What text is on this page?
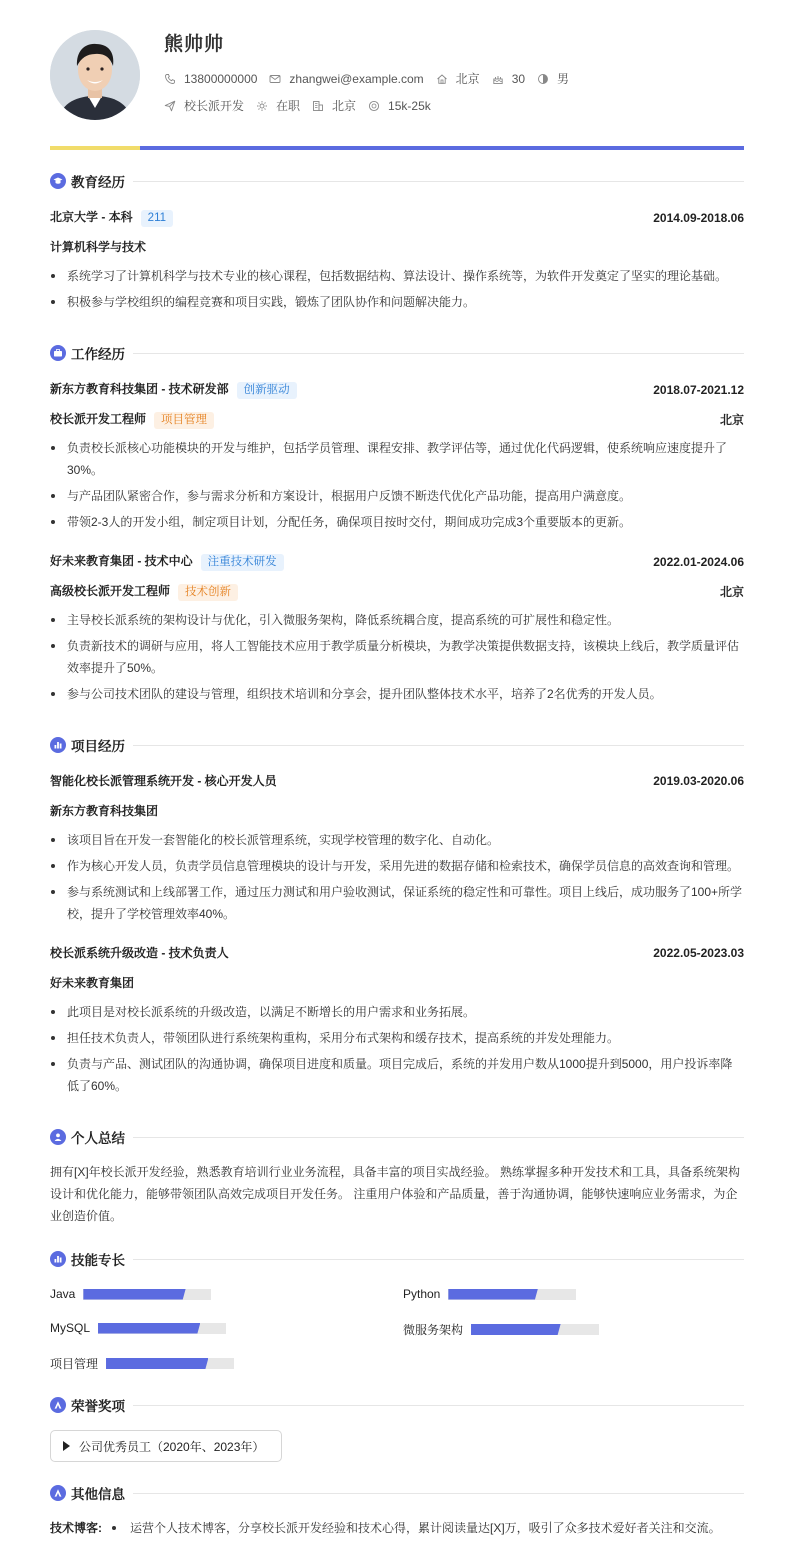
熊帅帅
13800000000	zhangwei@example.com	北京	30	男
校长派开发	在职	北京	15k-25k
教育经历
北京大学 - 本科 211	2014.09-2018.06
计算机科学与技术
系统学习了计算机科学与技术专业的核心课程，包括数据结构、算法设计、操作系统等，为软件开发奠定了坚实的理论基础。
积极参与学校组织的编程竞赛和项目实践，锻炼了团队协作和问题解决能力。
工作经历
新东方教育科技集团 - 技术研发部 创新驱动	2018.07-2021.12
校长派开发工程师 项目管理	北京
负责校长派核心功能模块的开发与维护，包括学员管理、课程安排、教学评估等，通过优化代码逻辑，使系统响应速度提升了30%。
与产品团队紧密合作，参与需求分析和方案设计，根据用户反馈不断迭代优化产品功能，提高用户满意度。
带领2-3人的开发小组，制定项目计划，分配任务，确保项目按时交付，期间成功完成3个重要版本的更新。
好未来教育集团 - 技术中心 注重技术研发	2022.01-2024.06
高级校长派开发工程师 技术创新	北京
主导校长派系统的架构设计与优化，引入微服务架构，降低系统耦合度，提高系统的可扩展性和稳定性。
负责新技术的调研与应用，将人工智能技术应用于教学质量分析模块，为教学决策提供数据支持，该模块上线后，教学质量评估效率提升了50%。
参与公司技术团队的建设与管理，组织技术培训和分享会，提升团队整体技术水平，培养了2名优秀的开发人员。
项目经历
智能化校长派管理系统开发 - 核心开发人员	2019.03-2020.06
新东方教育科技集团
该项目旨在开发一套智能化的校长派管理系统，实现学校管理的数字化、自动化。
作为核心开发人员，负责学员信息管理模块的设计与开发，采用先进的数据存储和检索技术，确保学员信息的高效查询和管理。
参与系统测试和上线部署工作，通过压力测试和用户验收测试，保证系统的稳定性和可靠性。项目上线后，成功服务了100+所学校，提升了学校管理效率40%。
校长派系统升级改造 - 技术负责人	2022.05-2023.03
好未来教育集团
此项目是对校长派系统的升级改造，以满足不断增长的用户需求和业务拓展。
担任技术负责人，带领团队进行系统架构重构，采用分布式架构和缓存技术，提高系统的并发处理能力。
负责与产品、测试团队的沟通协调，确保项目进度和质量。项目完成后，系统的并发用户数从1000提升到5000，用户投诉率降低了60%。
个人总结
拥有[X]年校长派开发经验，熟悉教育培训行业业务流程，具备丰富的项目实战经验。 熟练掌握多种开发技术和工具，具备系统架构设计和优化能力，能够带领团队高效完成项目开发任务。 注重用户体验和产品质量，善于沟通协调，能够快速响应业务需求，为企业创造价值。
技能专长
Java	Python
MySQL	微服务架构
项目管理
荣誉奖项
公司优秀员工（2020年、2023年）
其他信息
技术博客: 运营个人技术博客，分享校长派开发经验和技术心得，累计阅读量达[X]万，吸引了众多技术爱好者关注和交流。
